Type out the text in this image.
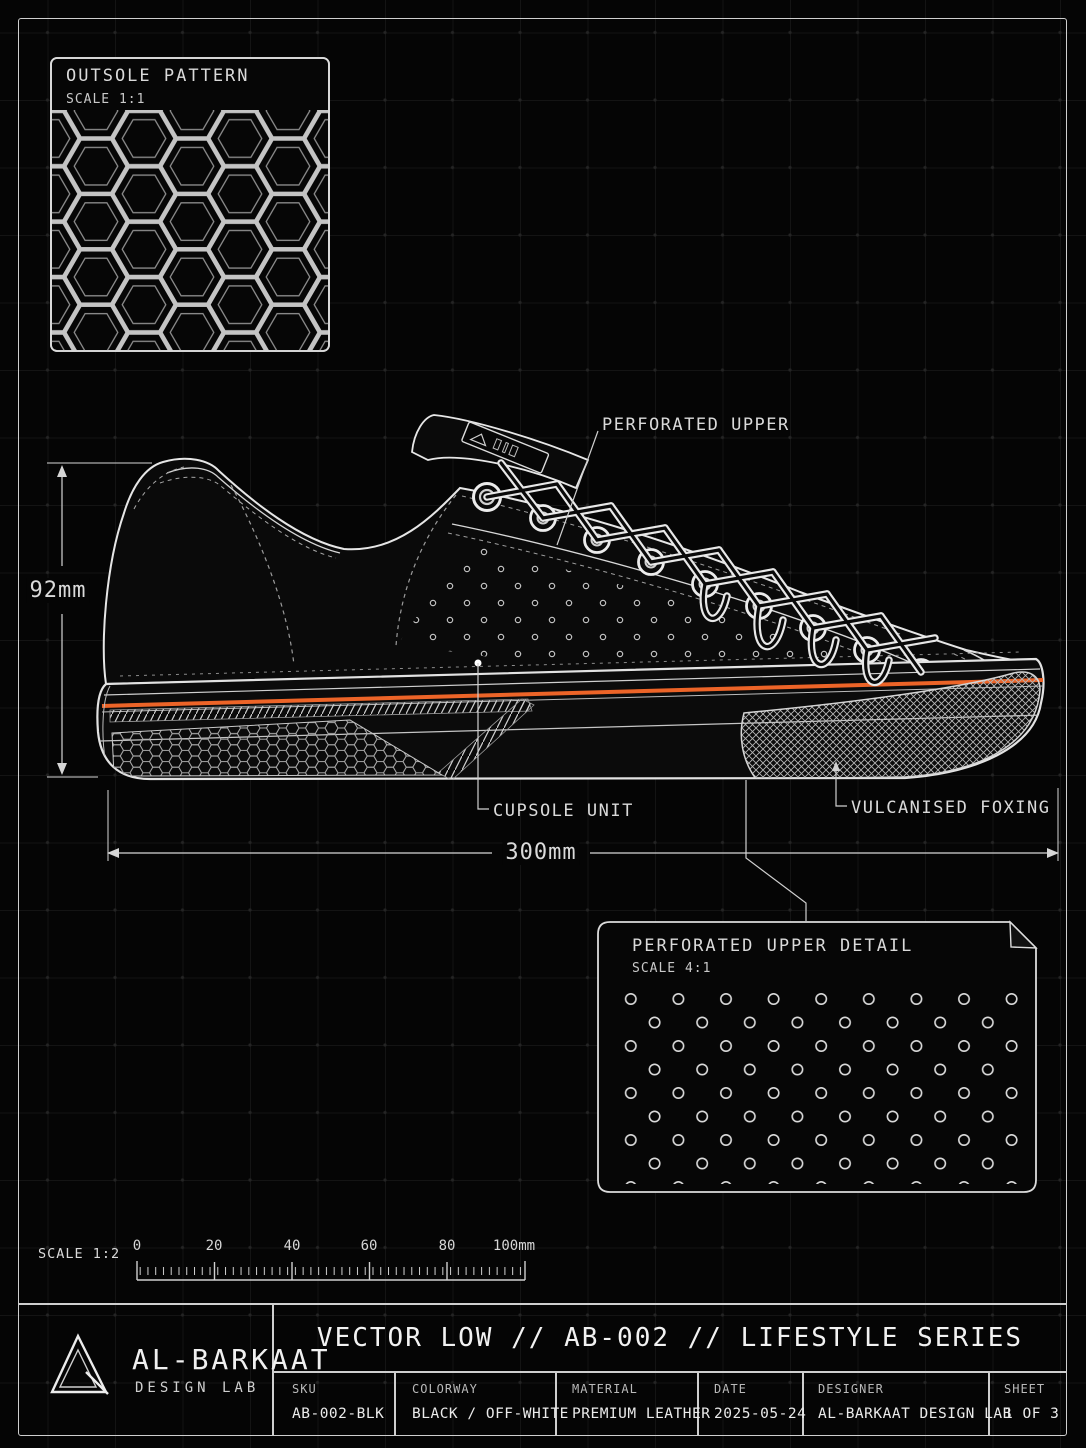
OUTSOLE PATTERN
SCALE 1:1
PERFORATED UPPER
CUPSOLE UNIT	VULCANISED FOXING
92mm
300mm
PERFORATED UPPER DETAIL
SCALE 4:1
SCALE 1:2 0	20	40	60	80	100mm
AL-BARKAAT
DESIGN LAB
VECTOR LOW // AB-002 // LIFESTYLE SERIES
SKU
AB-002-BLK
COLORWAY
BLACK / OFF-WHITE
MATERIAL
PREMIUM LEATHER
DATE
2025-05-24
DESIGNER
AL-BARKAAT DESIGN LAB
SHEET
1 OF 3
